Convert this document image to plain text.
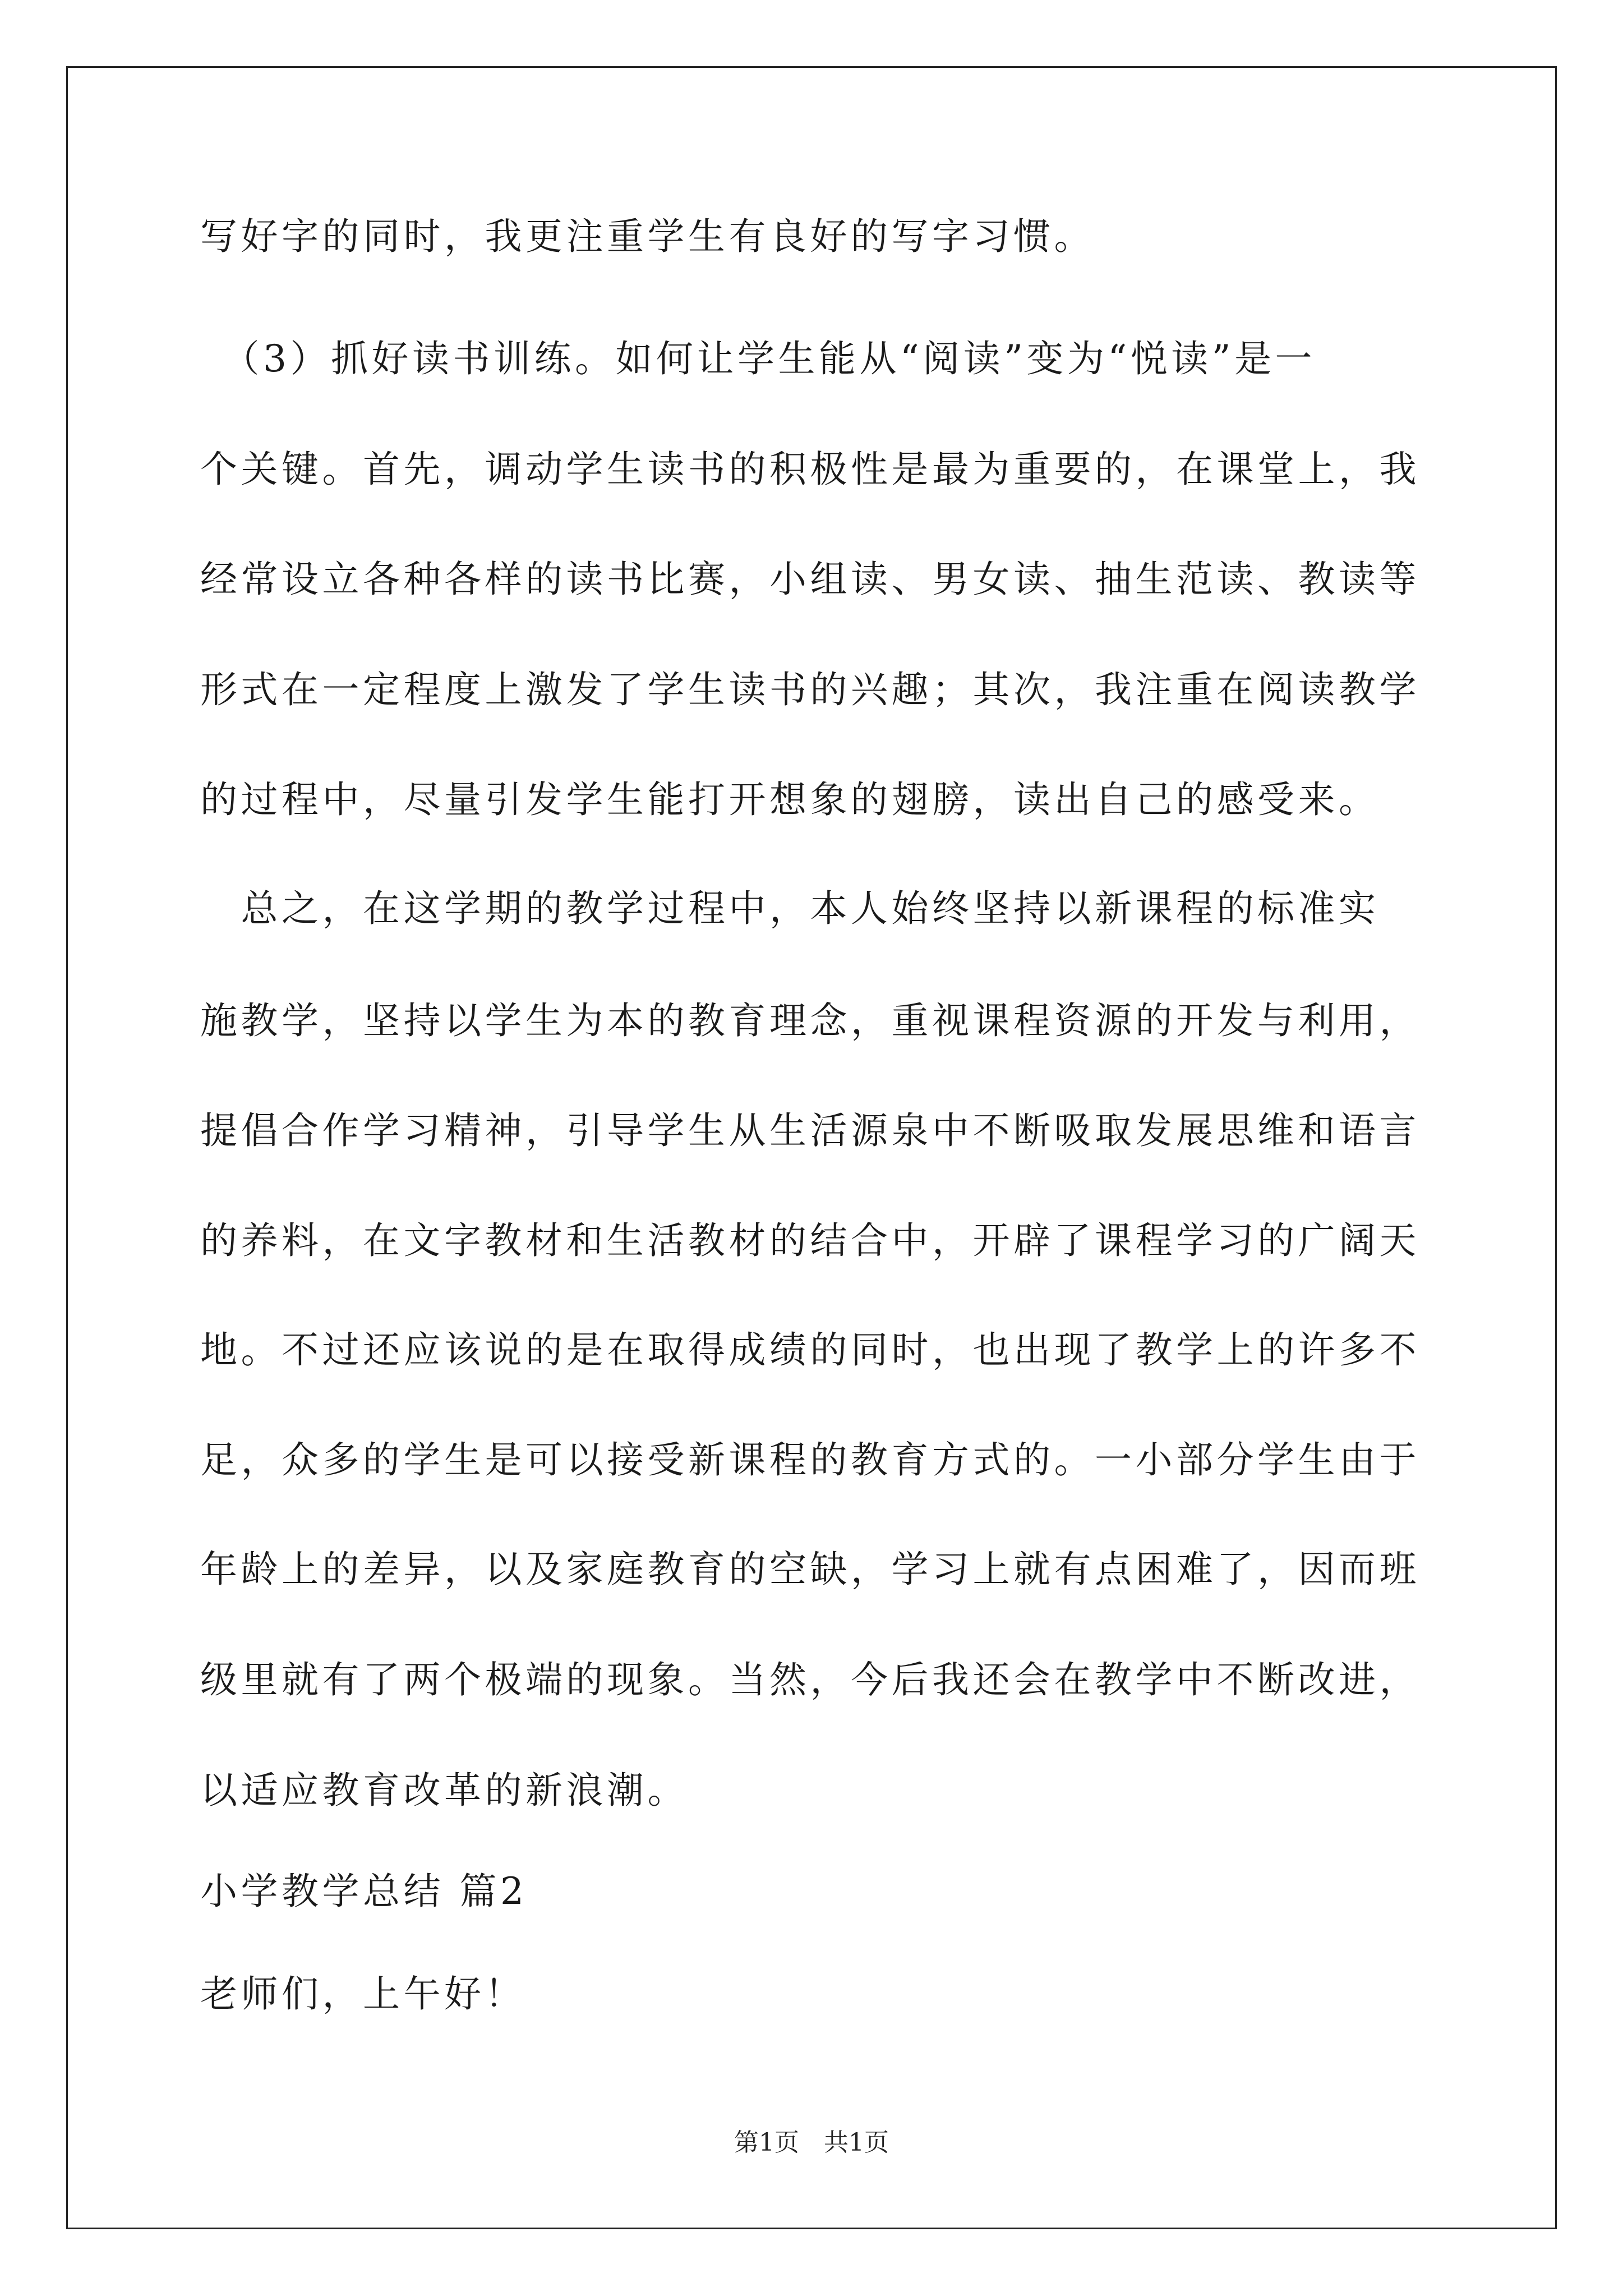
写好字的同时，我更注重学生有良好的写字习惯。
　（3）抓好读书训练。如何让学生能从“阅读”变为“悦读”是一
个关键。首先，调动学生读书的积极性是最为重要的，在课堂上，我
经常设立各种各样的读书比赛，小组读、男女读、抽生范读、教读等
形式在一定程度上激发了学生读书的兴趣；其次，我注重在阅读教学
的过程中，尽量引发学生能打开想象的翅膀，读出自己的感受来。
　总之，在这学期的教学过程中，本人始终坚持以新课程的标准实
施教学，坚持以学生为本的教育理念，重视课程资源的开发与利用，
提倡合作学习精神，引导学生从生活源泉中不断吸取发展思维和语言
的养料，在文字教材和生活教材的结合中，开辟了课程学习的广阔天
地。不过还应该说的是在取得成绩的同时，也出现了教学上的许多不
足，众多的学生是可以接受新课程的教育方式的。一小部分学生由于
年龄上的差异，以及家庭教育的空缺，学习上就有点困难了，因而班
级里就有了两个极端的现象。当然，今后我还会在教学中不断改进，
以适应教育改革的新浪潮。
小学教学总结 篇2
老师们，上午好！
第1页　共1页
